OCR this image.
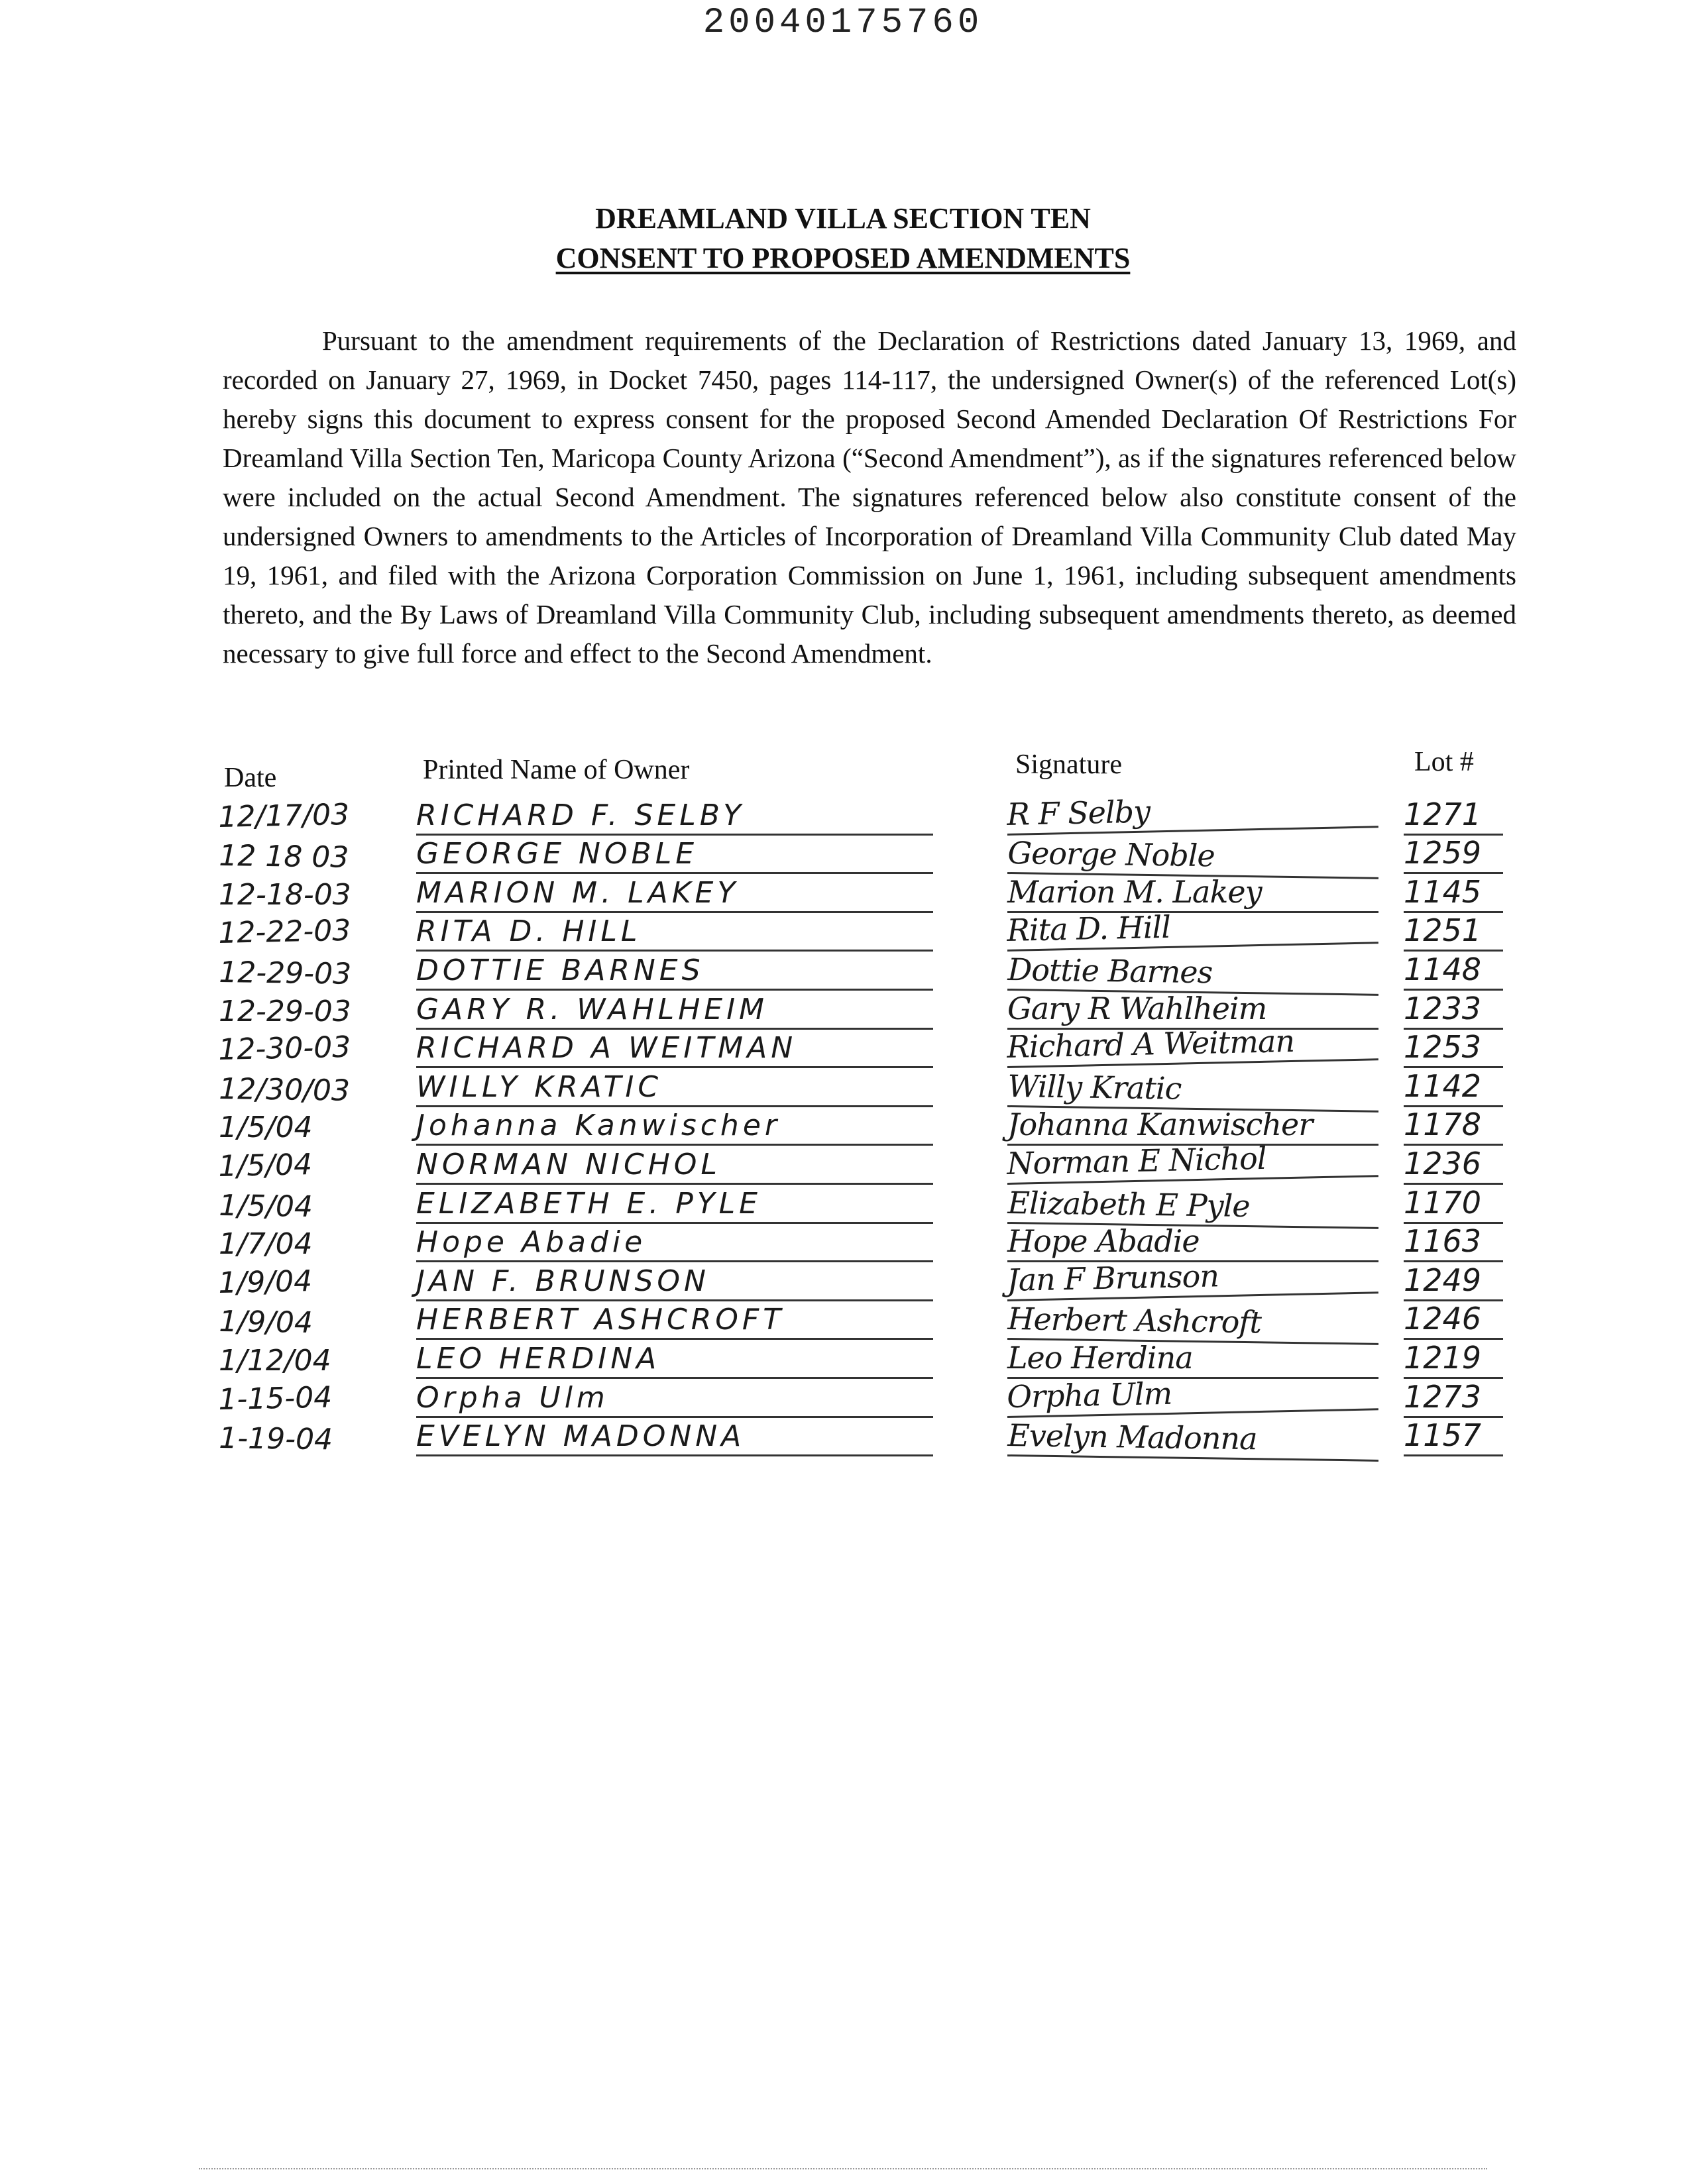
20040175760
DREAMLAND VILLA SECTION TEN
CONSENT TO PROPOSED AMENDMENTS
Pursuant to the amendment requirements of the Declaration of Restrictions dated January 13, 1969, and recorded on January 27, 1969, in Docket 7450, pages 114-117, the undersigned Owner(s) of the referenced Lot(s) hereby signs this document to express consent for the proposed Second Amended Declaration Of Restrictions For Dreamland Villa Section Ten, Maricopa County Arizona (“Second Amendment”), as if the signatures referenced below were included on the actual Second Amendment. The signatures referenced below also constitute consent of the undersigned Owners to amendments to the Articles of Incorporation of Dreamland Villa Community Club dated May 19, 1961, and filed with the Arizona Corporation Commission on June 1, 1961, including subsequent amendments thereto, and the By Laws of Dreamland Villa Community Club, including subsequent amendments thereto, as deemed necessary to give full force and effect to the Second Amendment.
Date	Printed Name of Owner	Signature	Lot #
12/17/03	RICHARD F. SELBY	R F Selby	1271
12 18 03	GEORGE NOBLE	George Noble	1259
12-18-03	MARION M. LAKEY	Marion M. Lakey	1145
12-22-03	RITA D. HILL	Rita D. Hill	1251
12-29-03	DOTTIE BARNES	Dottie Barnes	1148
12-29-03	GARY R. WAHLHEIM	Gary R Wahlheim	1233
12-30-03	RICHARD A WEITMAN	Richard A Weitman	1253
12/30/03	WILLY KRATIC	Willy Kratic	1142
1/5/04	Johanna Kanwischer	Johanna Kanwischer	1178
1/5/04	NORMAN NICHOL	Norman E Nichol	1236
1/5/04	ELIZABETH E. PYLE	Elizabeth E Pyle	1170
1/7/04	Hope Abadie	Hope Abadie	1163
1/9/04	JAN F. BRUNSON	Jan F Brunson	1249
1/9/04	HERBERT ASHCROFT	Herbert Ashcroft	1246
1/12/04	LEO HERDINA	Leo Herdina	1219
1-15-04	Orpha Ulm	Orpha Ulm	1273
1-19-04	EVELYN MADONNA	Evelyn Madonna	1157
